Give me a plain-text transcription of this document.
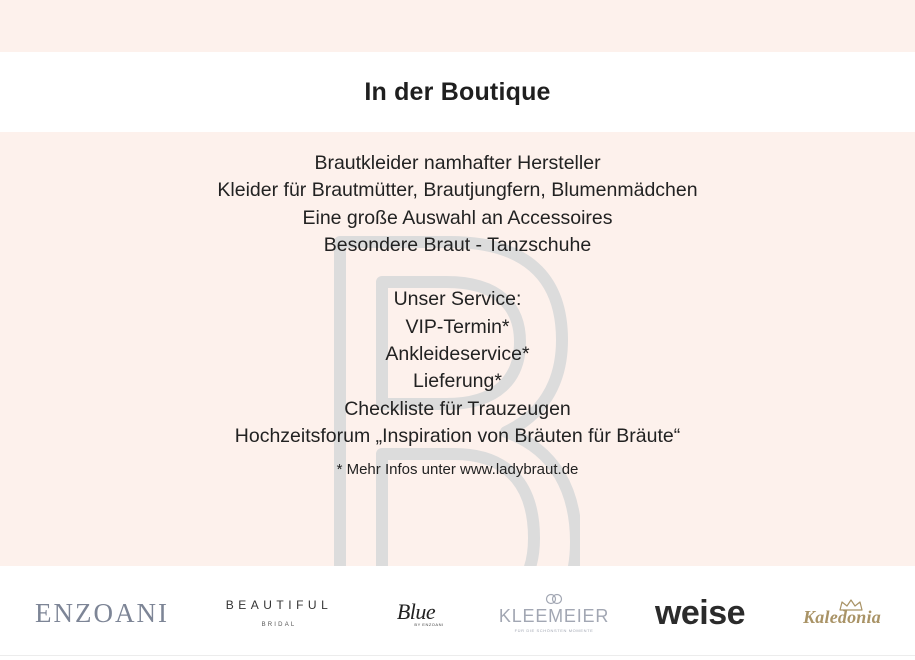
In der Boutique
Brautkleider namhafter Hersteller
Kleider für Brautmütter, Brautjungfern, Blumenmädchen
Eine große Auswahl an Accessoires
Besondere Braut - Tanzschuhe
Unser Service:
VIP-Termin*
Ankleideservice*
Lieferung*
Checkliste für Trauzeugen
Hochzeitsforum „Inspiration von Bräuten für Bräute“
* Mehr Infos unter www.ladybraut.de
ENZOANI	BEAUTIFUL
BRIDAL
Blue
BY ENZOANI	KLEEMEIER
FÜR DIE SCHÖNSTEN MOMENTE weise	Kaledonia
